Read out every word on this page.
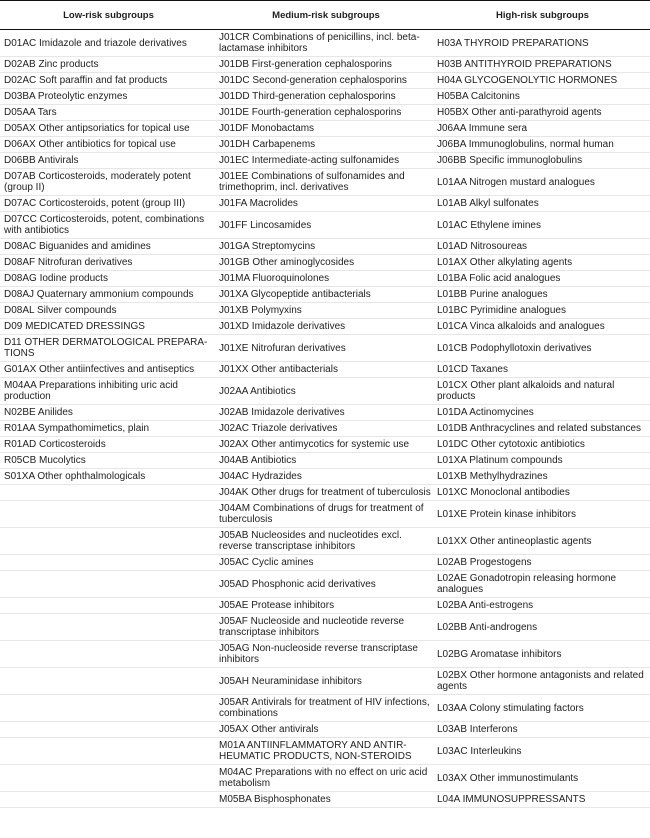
Low-risk subgroups	Medium-risk subgroups	High-risk subgroups
D01AC Imidazole and triazole derivatives	J01CR Combinations of penicillins, incl. beta-lactamase inhibitors	H03A THYROID PREPARATIONS
D02AB Zinc products	J01DB First-generation cephalosporins	H03B ANTITHYROID PREPARATIONS
D02AC Soft paraffin and fat products	J01DC Second-generation cephalosporins	H04A GLYCOGENOLYTIC HORMONES
D03BA Proteolytic enzymes	J01DD Third-generation cephalosporins	H05BA Calcitonins
D05AA Tars	J01DE Fourth-generation cephalosporins	H05BX Other anti-parathyroid agents
D05AX Other antipsoriatics for topical use	J01DF Monobactams	J06AA Immune sera
D06AX Other antibiotics for topical use	J01DH Carbapenems	J06BA Immunoglobulins, normal human
D06BB Antivirals	J01EC Intermediate-acting sulfonamides	J06BB Specific immunoglobulins
D07AB Corticosteroids, moderately potent (group II)	J01EE Combinations of sulfonamides and trimethoprim, incl. derivatives	L01AA Nitrogen mustard analogues
D07AC Corticosteroids, potent (group III)	J01FA Macrolides	L01AB Alkyl sulfonates
D07CC Corticosteroids, potent, combinations with antibiotics	J01FF Lincosamides	L01AC Ethylene imines
D08AC Biguanides and amidines	J01GA Streptomycins	L01AD Nitrosoureas
D08AF Nitrofuran derivatives	J01GB Other aminoglycosides	L01AX Other alkylating agents
D08AG Iodine products	J01MA Fluoroquinolones	L01BA Folic acid analogues
D08AJ Quaternary ammonium compounds	J01XA Glycopeptide antibacterials	L01BB Purine analogues
D08AL Silver compounds	J01XB Polymyxins	L01BC Pyrimidine analogues
D09 MEDICATED DRESSINGS	J01XD Imidazole derivatives	L01CA Vinca alkaloids and analogues
D11 OTHER DERMATOLOGICAL PREPARA-TIONS	J01XE Nitrofuran derivatives	L01CB Podophyllotoxin derivatives
G01AX Other antiinfectives and antiseptics	J01XX Other antibacterials	L01CD Taxanes
M04AA Preparations inhibiting uric acid production	J02AA Antibiotics	L01CX Other plant alkaloids and natural products
N02BE Anilides	J02AB Imidazole derivatives	L01DA Actinomycines
R01AA Sympathomimetics, plain	J02AC Triazole derivatives	L01DB Anthracyclines and related substances
R01AD Corticosteroids	J02AX Other antimycotics for systemic use	L01DC Other cytotoxic antibiotics
R05CB Mucolytics	J04AB Antibiotics	L01XA Platinum compounds
S01XA Other ophthalmologicals	J04AC Hydrazides	L01XB Methylhydrazines
	J04AK Other drugs for treatment of tuberculosis	L01XC Monoclonal antibodies
	J04AM Combinations of drugs for treatment of tuberculosis	L01XE Protein kinase inhibitors
	J05AB Nucleosides and nucleotides excl. reverse transcriptase inhibitors	L01XX Other antineoplastic agents
	J05AC Cyclic amines	L02AB Progestogens
	J05AD Phosphonic acid derivatives	L02AE Gonadotropin releasing hormone analogues
	J05AE Protease inhibitors	L02BA Anti-estrogens
	J05AF Nucleoside and nucleotide reverse transcriptase inhibitors	L02BB Anti-androgens
	J05AG Non-nucleoside reverse transcriptase inhibitors	L02BG Aromatase inhibitors
	J05AH Neuraminidase inhibitors	L02BX Other hormone antagonists and related agents
	J05AR Antivirals for treatment of HIV infections, combinations	L03AA Colony stimulating factors
	J05AX Other antivirals	L03AB Interferons
	M01A ANTIINFLAMMATORY AND ANTIR-HEUMATIC PRODUCTS, NON-STEROIDS	L03AC Interleukins
	M04AC Preparations with no effect on uric acid metabolism	L03AX Other immunostimulants
	M05BA Bisphosphonates	L04A IMMUNOSUPPRESSANTS
